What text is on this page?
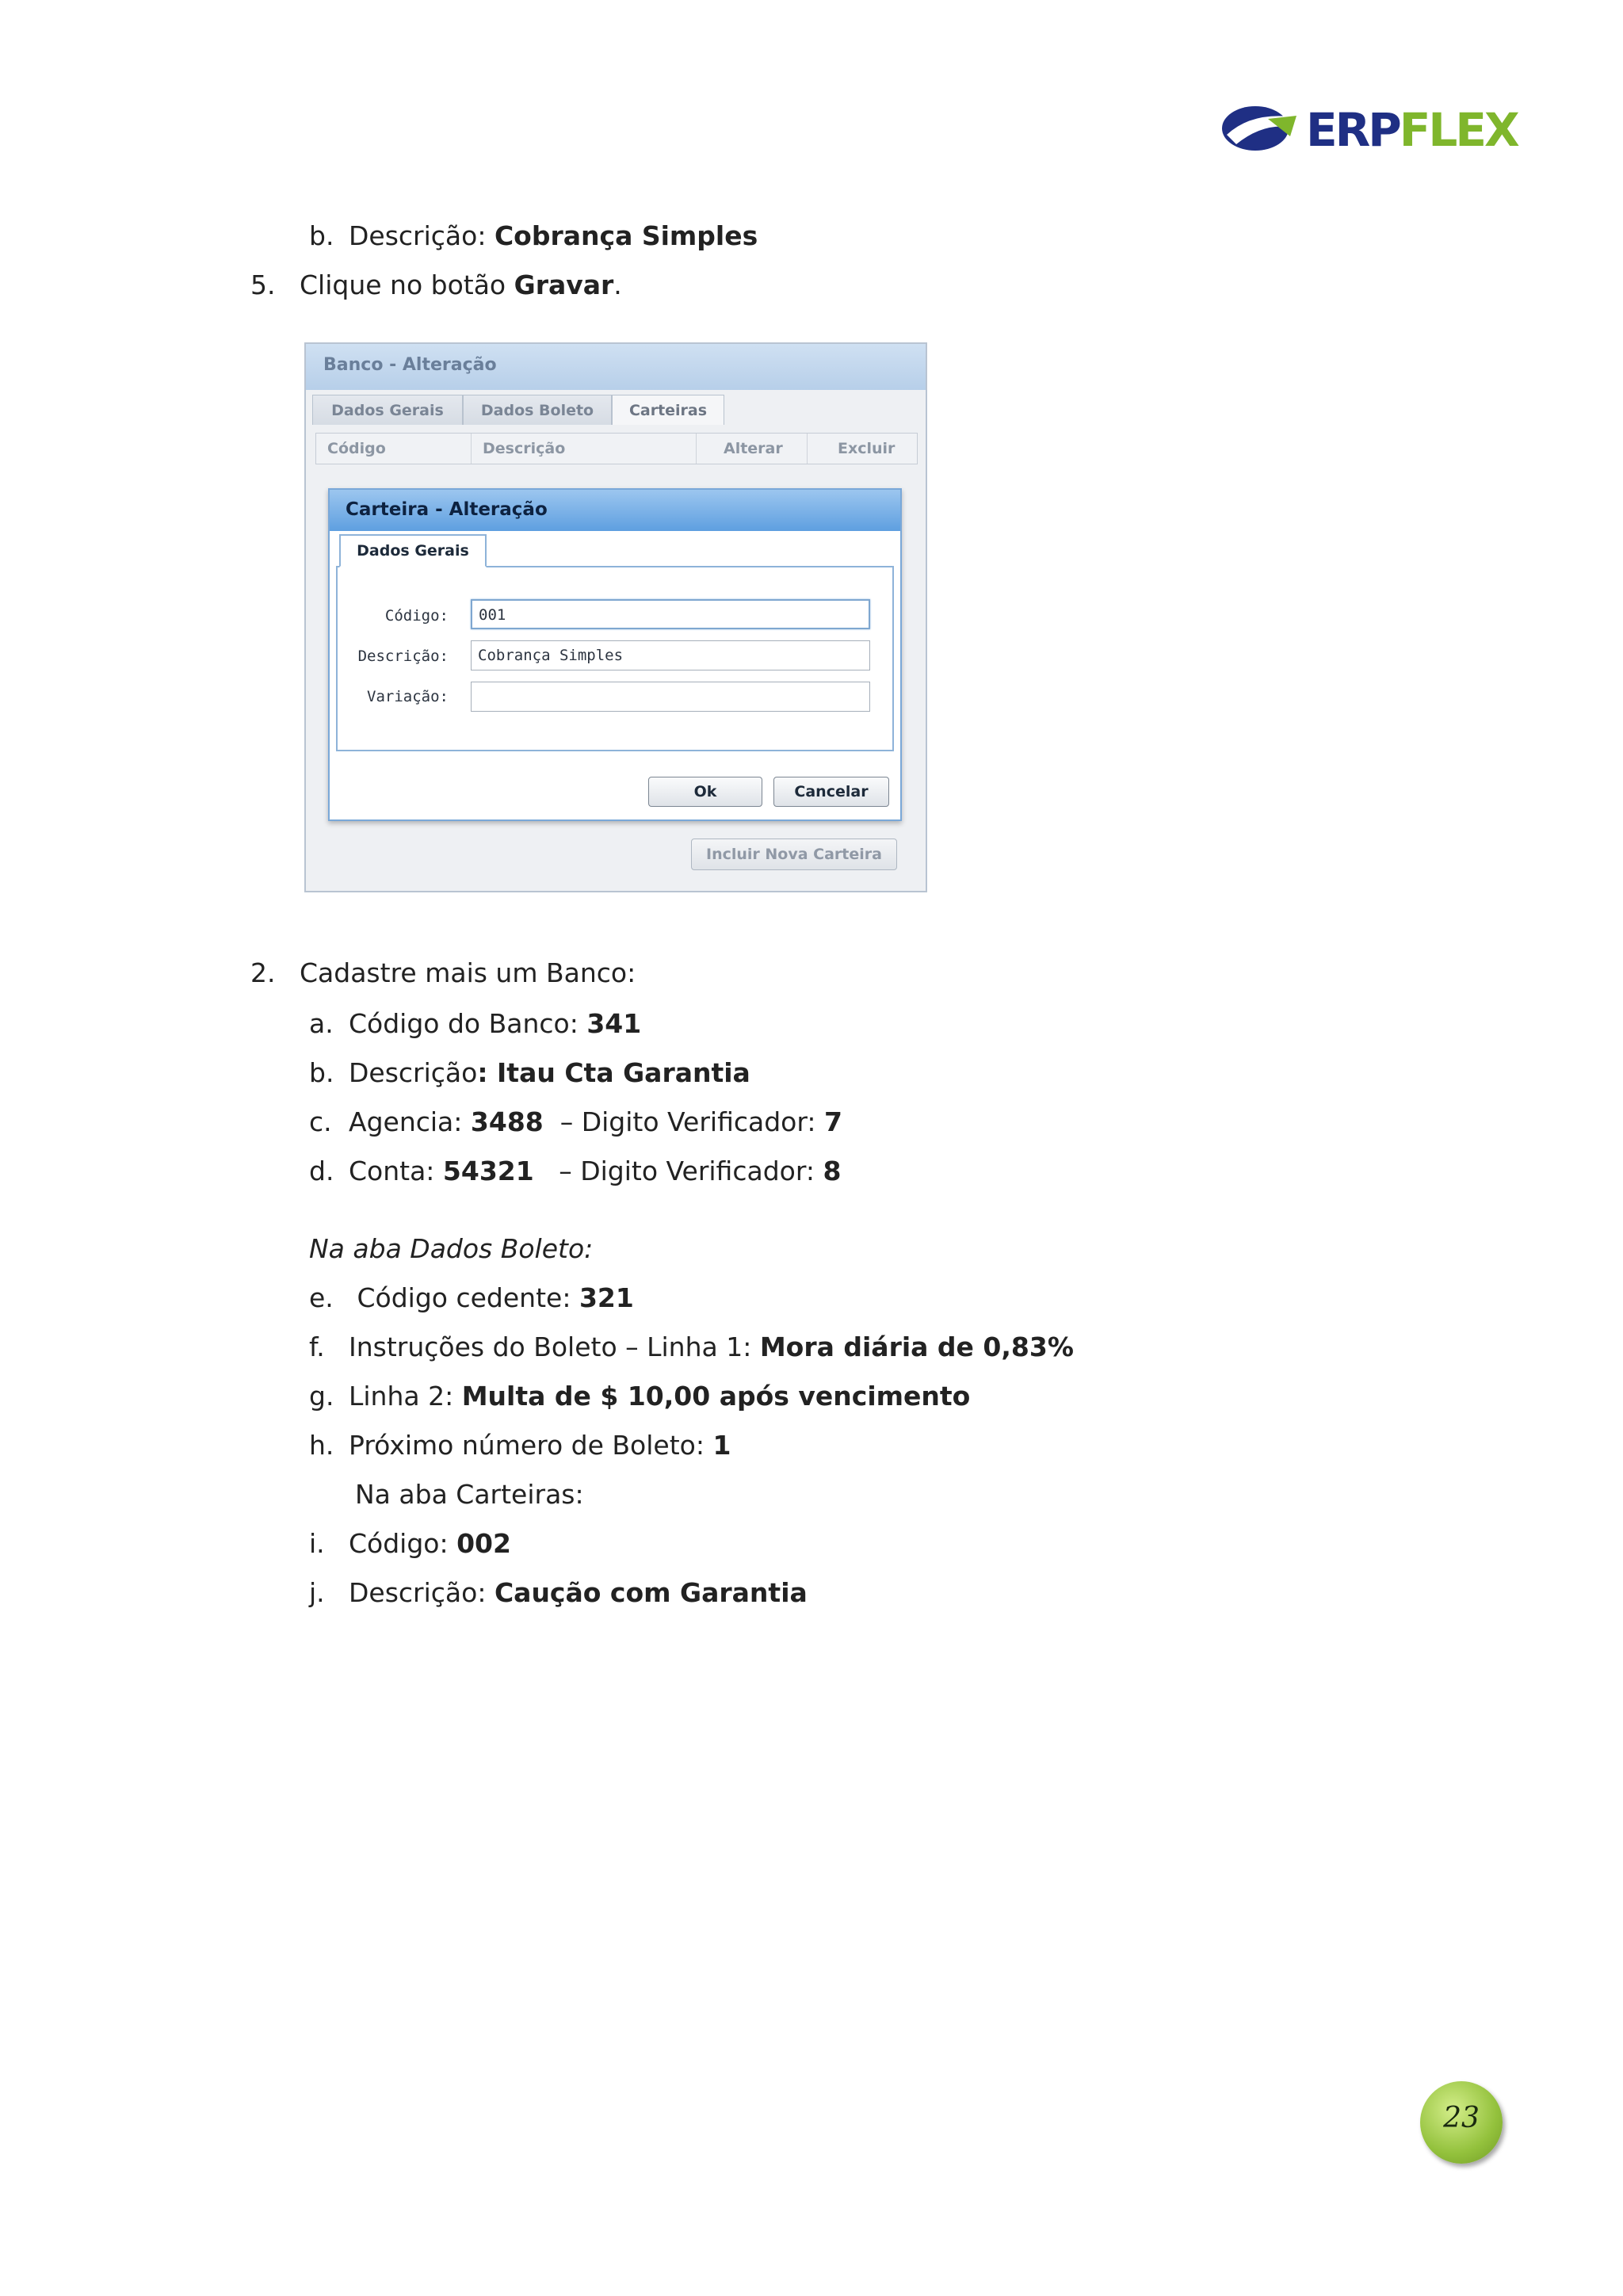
ERPFLEX
b. Descrição: Cobrança Simples
5. Clique no botão Gravar.
Banco - Alteração
Dados Gerais	Dados Boleto	Carteiras
Código	Descrição	Alterar	Excluir
Incluir Nova Carteira
Carteira - Alteração
Código:	001
Descrição:	Cobrança Simples
Variação:
Dados Gerais
Ok	Cancelar
2. Cadastre mais um Banco:
a. Código do Banco: 341
b. Descrição: Itau Cta Garantia
c. Agencia: 3488  – Digito Verificador: 7
d. Conta: 54321   – Digito Verificador: 8
Na aba Dados Boleto:
e. Código cedente: 321
f. Instruções do Boleto – Linha 1: Mora diária de 0,83%
g. Linha 2: Multa de $ 10,00 após vencimento
h. Próximo número de Boleto: 1
Na aba Carteiras:
i. Código: 002
j. Descrição: Caução com Garantia
23
